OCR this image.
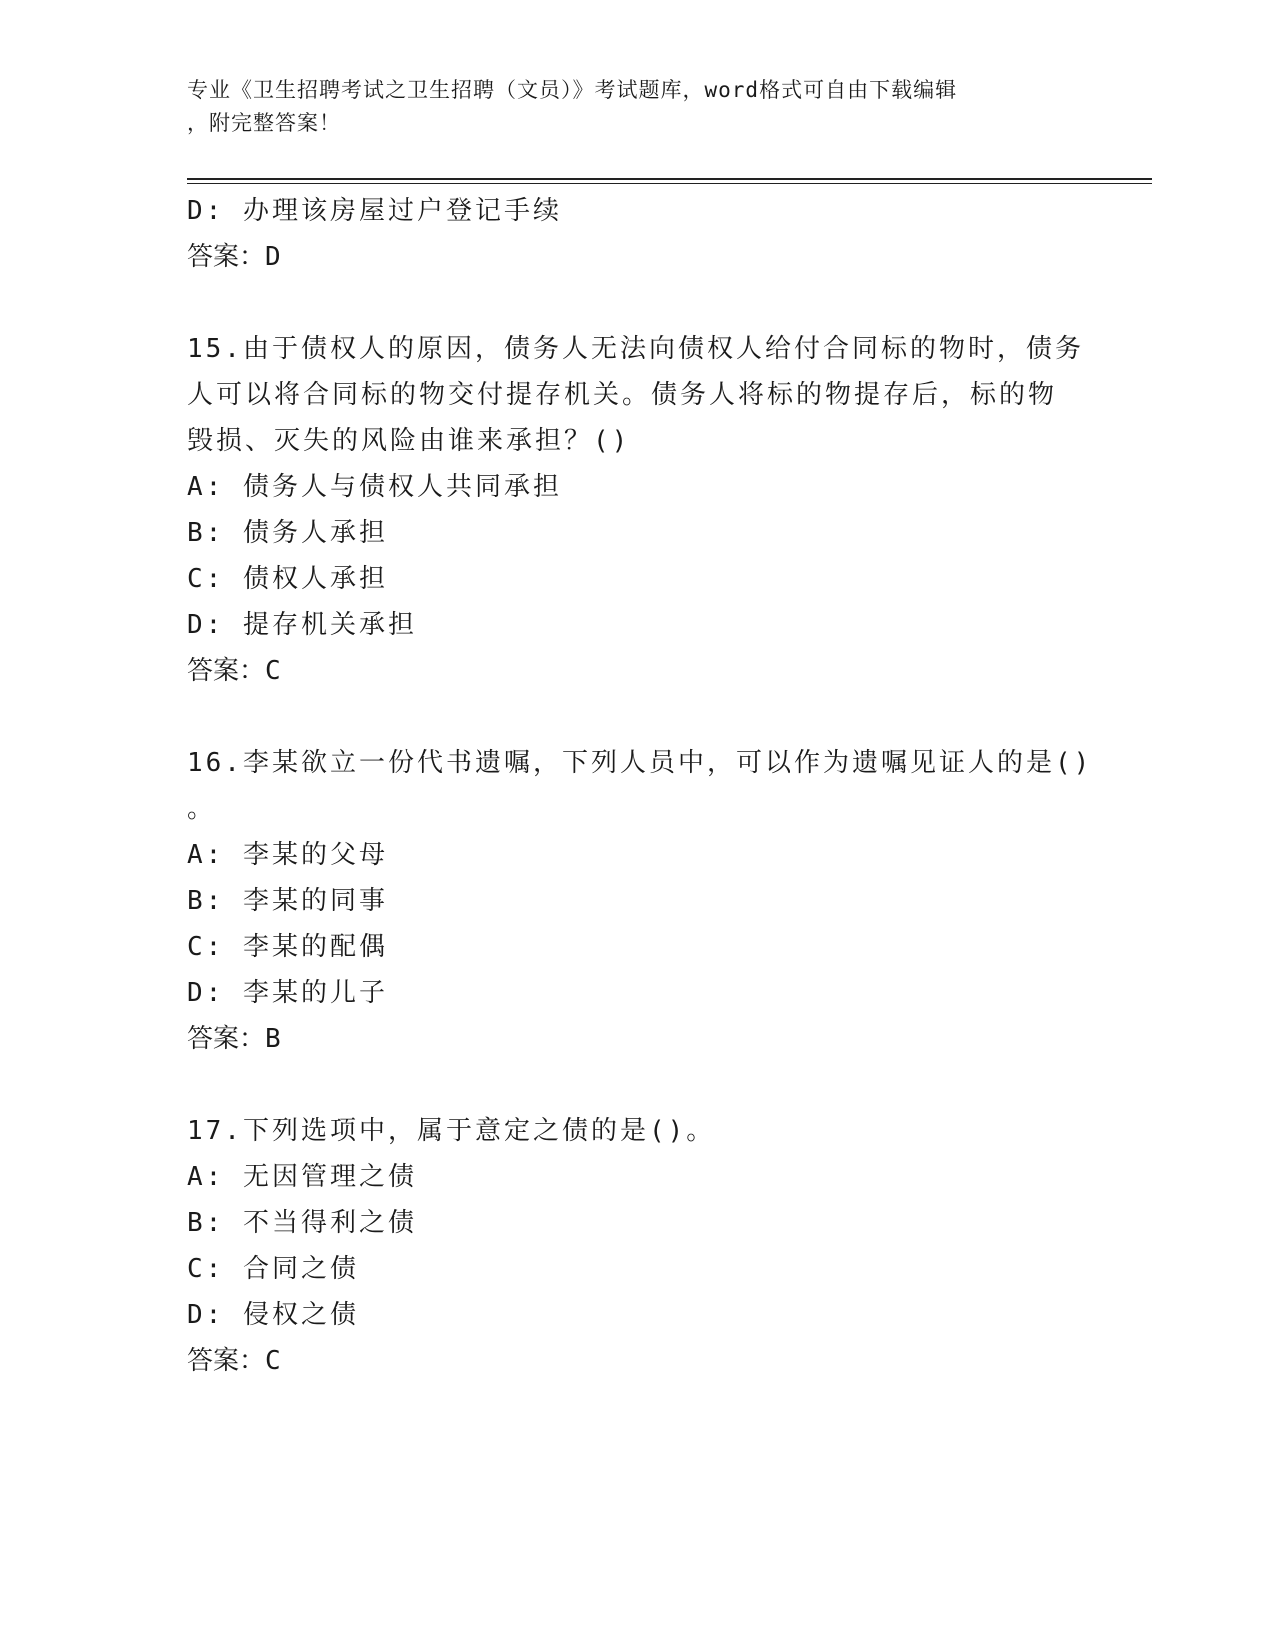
专业《卫生招聘考试之卫生招聘（文员）》考试题库，word格式可自由下载编辑
，附完整答案！
D: 办理该房屋过户登记手续
答案：D
15.由于债权人的原因，债务人无法向债权人给付合同标的物时，债务
人可以将合同标的物交付提存机关。债务人将标的物提存后，标的物
毁损、灭失的风险由谁来承担？()
A: 债务人与债权人共同承担
B: 债务人承担
C: 债权人承担
D: 提存机关承担
答案：C
16.李某欲立一份代书遗嘱，下列人员中，可以作为遗嘱见证人的是()
。
A: 李某的父母
B: 李某的同事
C: 李某的配偶
D: 李某的儿子
答案：B
17.下列选项中，属于意定之债的是()。
A: 无因管理之债
B: 不当得利之债
C: 合同之债
D: 侵权之债
答案：C
